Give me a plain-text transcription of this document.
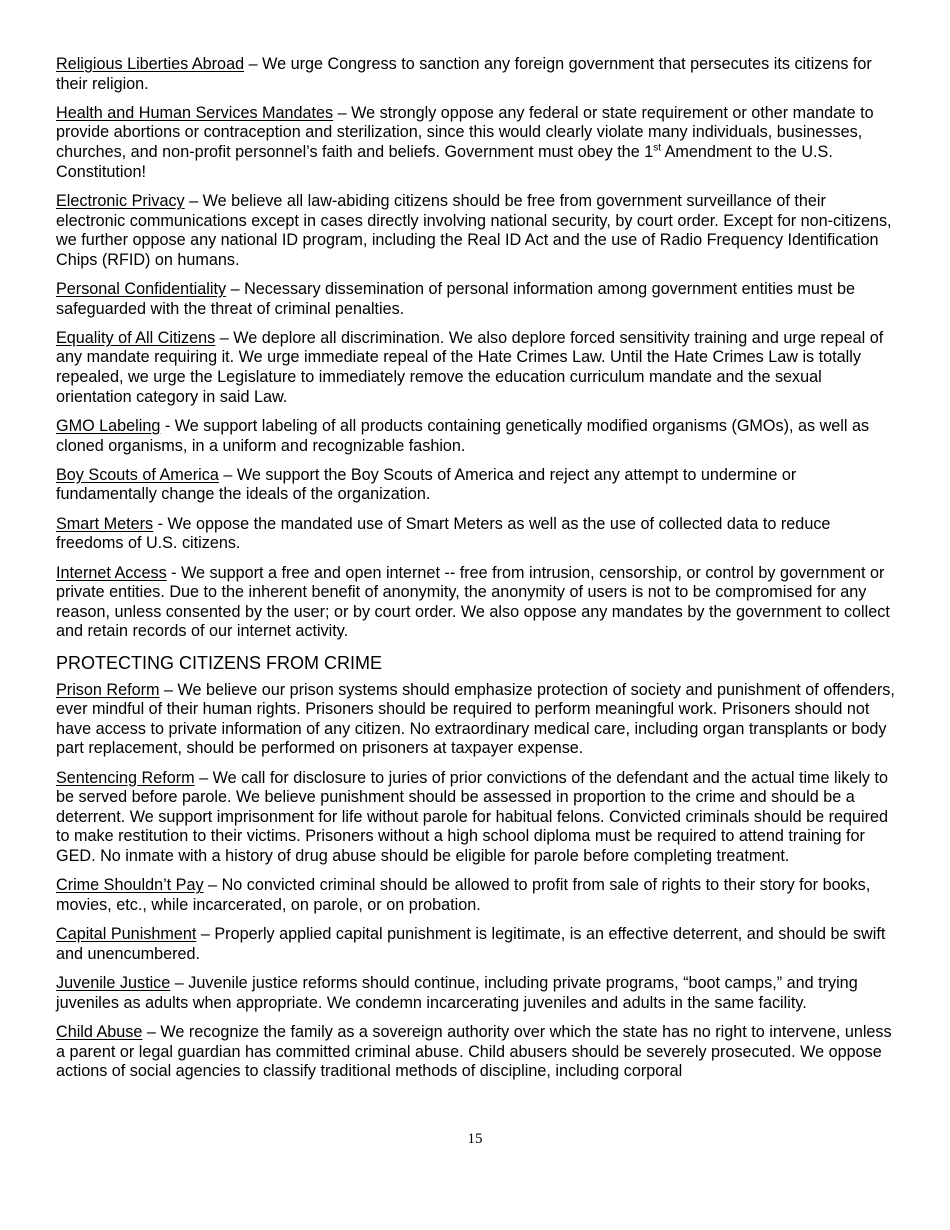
Religious Liberties Abroad – We urge Congress to sanction any foreign government that persecutes its citizens for their religion.

Health and Human Services Mandates – We strongly oppose any federal or state requirement or other mandate to provide abortions or contraception and sterilization, since this would clearly violate many individuals, businesses, churches, and non-profit personnel’s faith and beliefs. Government must obey the 1st Amendment to the U.S. Constitution!

Electronic Privacy – We believe all law-abiding citizens should be free from government surveillance of their electronic communications except in cases directly involving national security, by court order. Except for non-citizens, we further oppose any national ID program, including the Real ID Act and the use of Radio Frequency Identification Chips (RFID) on humans.

Personal Confidentiality – Necessary dissemination of personal information among government entities must be safeguarded with the threat of criminal penalties.

Equality of All Citizens – We deplore all discrimination. We also deplore forced sensitivity training and urge repeal of any mandate requiring it. We urge immediate repeal of the Hate Crimes Law. Until the Hate Crimes Law is totally repealed, we urge the Legislature to immediately remove the education curriculum mandate and the sexual orientation category in said Law.

GMO Labeling - We support labeling of all products containing genetically modified organisms (GMOs), as well as cloned organisms, in a uniform and recognizable fashion.

Boy Scouts of America – We support the Boy Scouts of America and reject any attempt to undermine or fundamentally change the ideals of the organization.

Smart Meters - We oppose the mandated use of Smart Meters as well as the use of collected data to reduce freedoms of U.S. citizens.

Internet Access - We support a free and open internet -- free from intrusion, censorship, or control by government or private entities. Due to the inherent benefit of anonymity, the anonymity of users is not to be compromised for any reason, unless consented by the user; or by court order. We also oppose any mandates by the government to collect and retain records of our internet activity.

PROTECTING CITIZENS FROM CRIME

Prison Reform – We believe our prison systems should emphasize protection of society and punishment of offenders, ever mindful of their human rights. Prisoners should be required to perform meaningful work. Prisoners should not have access to private information of any citizen. No extraordinary medical care, including organ transplants or body part replacement, should be performed on prisoners at taxpayer expense.

Sentencing Reform – We call for disclosure to juries of prior convictions of the defendant and the actual time likely to be served before parole. We believe punishment should be assessed in proportion to the crime and should be a deterrent. We support imprisonment for life without parole for habitual felons. Convicted criminals should be required to make restitution to their victims. Prisoners without a high school diploma must be required to attend training for GED. No inmate with a history of drug abuse should be eligible for parole before completing treatment.

Crime Shouldn’t Pay – No convicted criminal should be allowed to profit from sale of rights to their story for books, movies, etc., while incarcerated, on parole, or on probation.

Capital Punishment – Properly applied capital punishment is legitimate, is an effective deterrent, and should be swift and unencumbered.

Juvenile Justice – Juvenile justice reforms should continue, including private programs, “boot camps,” and trying juveniles as adults when appropriate. We condemn incarcerating juveniles and adults in the same facility.

Child Abuse – We recognize the family as a sovereign authority over which the state has no right to intervene, unless a parent or legal guardian has committed criminal abuse. Child abusers should be severely prosecuted. We oppose actions of social agencies to classify traditional methods of discipline, including corporal

15
